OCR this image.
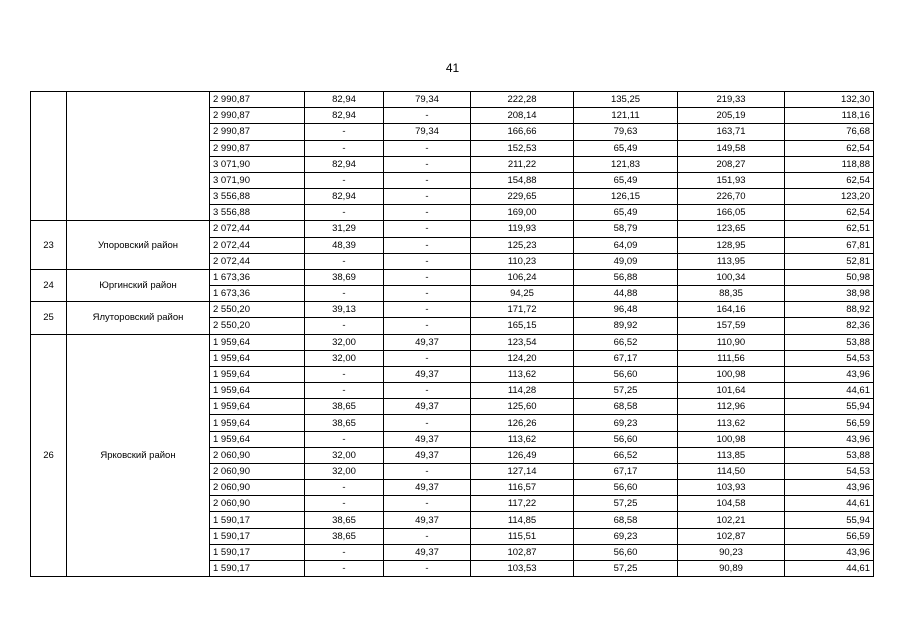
41
		2 990,87	82,94	79,34	222,28	135,25	219,33	132,30
		2 990,87	82,94	-	208,14	121,11	205,19	118,16
		2 990,87	-	79,34	166,66	79,63	163,71	76,68
		2 990,87	-	-	152,53	65,49	149,58	62,54
		3 071,90	82,94	-	211,22	121,83	208,27	118,88
		3 071,90	-	-	154,88	65,49	151,93	62,54
		3 556,88	82,94	-	229,65	126,15	226,70	123,20
		3 556,88	-	-	169,00	65,49	166,05	62,54
23	Упоровский район	2 072,44	31,29	-	119,93	58,79	123,65	62,51
		2 072,44	48,39	-	125,23	64,09	128,95	67,81
		2 072,44	-	-	110,23	49,09	113,95	52,81
24	Юргинский район	1 673,36	38,69	-	106,24	56,88	100,34	50,98
		1 673,36	-	-	94,25	44,88	88,35	38,98
25	Ялуторовский район	2 550,20	39,13	-	171,72	96,48	164,16	88,92
		2 550,20	-	-	165,15	89,92	157,59	82,36
26	Ярковский район	1 959,64	32,00	49,37	123,54	66,52	110,90	53,88
		1 959,64	32,00	-	124,20	67,17	111,56	54,53
		1 959,64	-	49,37	113,62	56,60	100,98	43,96
		1 959,64	-	-	114,28	57,25	101,64	44,61
		1 959,64	38,65	49,37	125,60	68,58	112,96	55,94
		1 959,64	38,65	-	126,26	69,23	113,62	56,59
		1 959,64	-	49,37	113,62	56,60	100,98	43,96
		2 060,90	32,00	49,37	126,49	66,52	113,85	53,88
		2 060,90	32,00	-	127,14	67,17	114,50	54,53
		2 060,90	-	49,37	116,57	56,60	103,93	43,96
		2 060,90	-	-	117,22	57,25	104,58	44,61
		1 590,17	38,65	49,37	114,85	68,58	102,21	55,94
		1 590,17	38,65	-	115,51	69,23	102,87	56,59
		1 590,17	-	49,37	102,87	56,60	90,23	43,96
		1 590,17	-	-	103,53	57,25	90,89	44,61
